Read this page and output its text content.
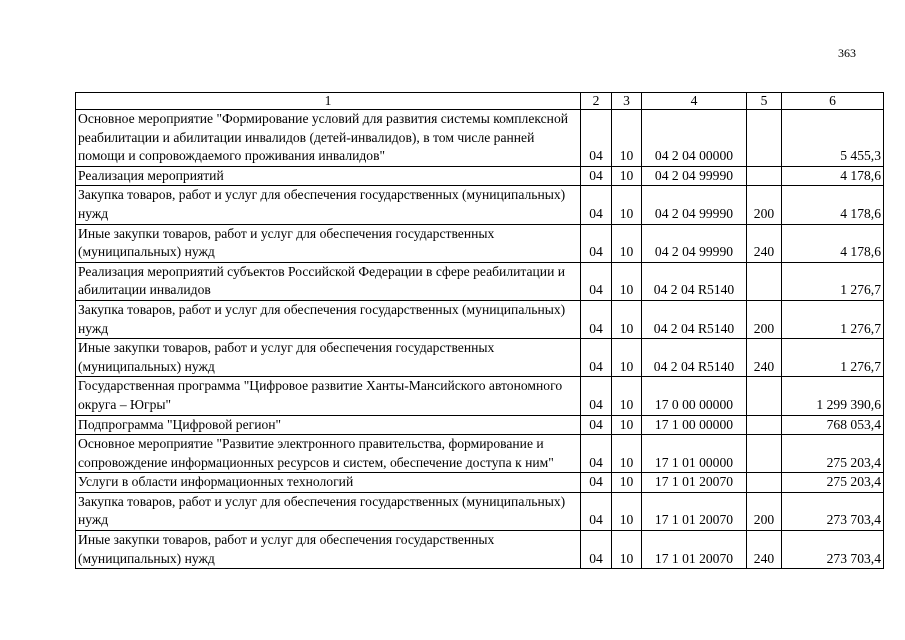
363
1	2	3	4	5	6
Основное мероприятие "Формирование условий для развития системы комплексной реабилитации и абилитации инвалидов (детей-инвалидов), в том числе ранней помощи и сопровождаемого проживания инвалидов"	04	10	04 2 04 00000		5 455,3
Реализация мероприятий	04	10	04 2 04 99990		4 178,6
Закупка товаров, работ и услуг для обеспечения государственных (муниципальных) нужд	04	10	04 2 04 99990	200	4 178,6
Иные закупки товаров, работ и услуг для обеспечения государственных (муниципальных) нужд	04	10	04 2 04 99990	240	4 178,6
Реализация мероприятий субъектов Российской Федерации в сфере реабилитации и абилитации инвалидов	04	10	04 2 04 R5140		1 276,7
Закупка товаров, работ и услуг для обеспечения государственных (муниципальных) нужд	04	10	04 2 04 R5140	200	1 276,7
Иные закупки товаров, работ и услуг для обеспечения государственных (муниципальных) нужд	04	10	04 2 04 R5140	240	1 276,7
Государственная программа "Цифровое развитие Ханты-Мансийского автономного округа – Югры"	04	10	17 0 00 00000		1 299 390,6
Подпрограмма "Цифровой регион"	04	10	17 1 00 00000		768 053,4
Основное мероприятие "Развитие электронного правительства, формирование и сопровождение информационных ресурсов и систем, обеспечение доступа к ним"	04	10	17 1 01 00000		275 203,4
Услуги в области информационных технологий	04	10	17 1 01 20070		275 203,4
Закупка товаров, работ и услуг для обеспечения государственных (муниципальных) нужд	04	10	17 1 01 20070	200	273 703,4
Иные закупки товаров, работ и услуг для обеспечения государственных (муниципальных) нужд	04	10	17 1 01 20070	240	273 703,4
